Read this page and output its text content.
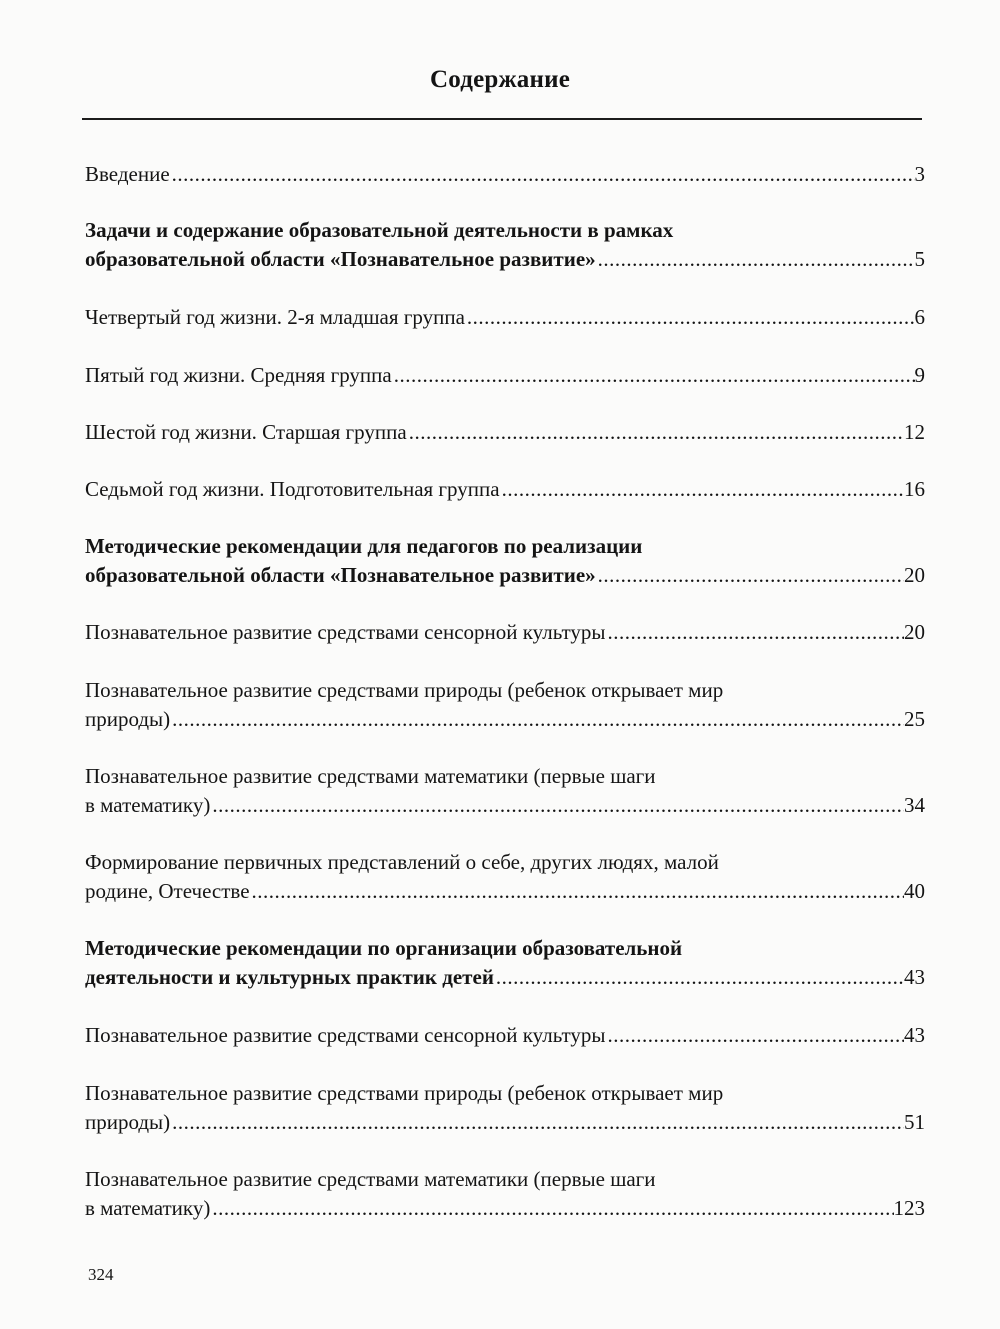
Содержание
Введение .....	3
Задачи и содержание образовательной деятельности в рамках
образовательной области «Познавательное развитие» .....	5
Четвертый год жизни. 2-я младшая группа .....	6
Пятый год жизни. Средняя группа .....	9
Шестой год жизни. Старшая группа .....	12
Седьмой год жизни. Подготовительная группа .....	16
Методические рекомендации для педагогов по реализации
образовательной области «Познавательное развитие» .....	20
Познавательное развитие средствами сенсорной культуры .....	20
Познавательное развитие средствами природы (ребенок открывает мир
природы) .....	25
Познавательное развитие средствами математики (первые шаги
в математику) .....	34
Формирование первичных представлений о себе, других людях, малой
родине, Отечестве .....	40
Методические рекомендации по организации образовательной
деятельности и культурных практик детей .....	43
Познавательное развитие средствами сенсорной культуры .....	43
Познавательное развитие средствами природы (ребенок открывает мир
природы) .....	51
Познавательное развитие средствами математики (первые шаги
в математику) .....	123
324
